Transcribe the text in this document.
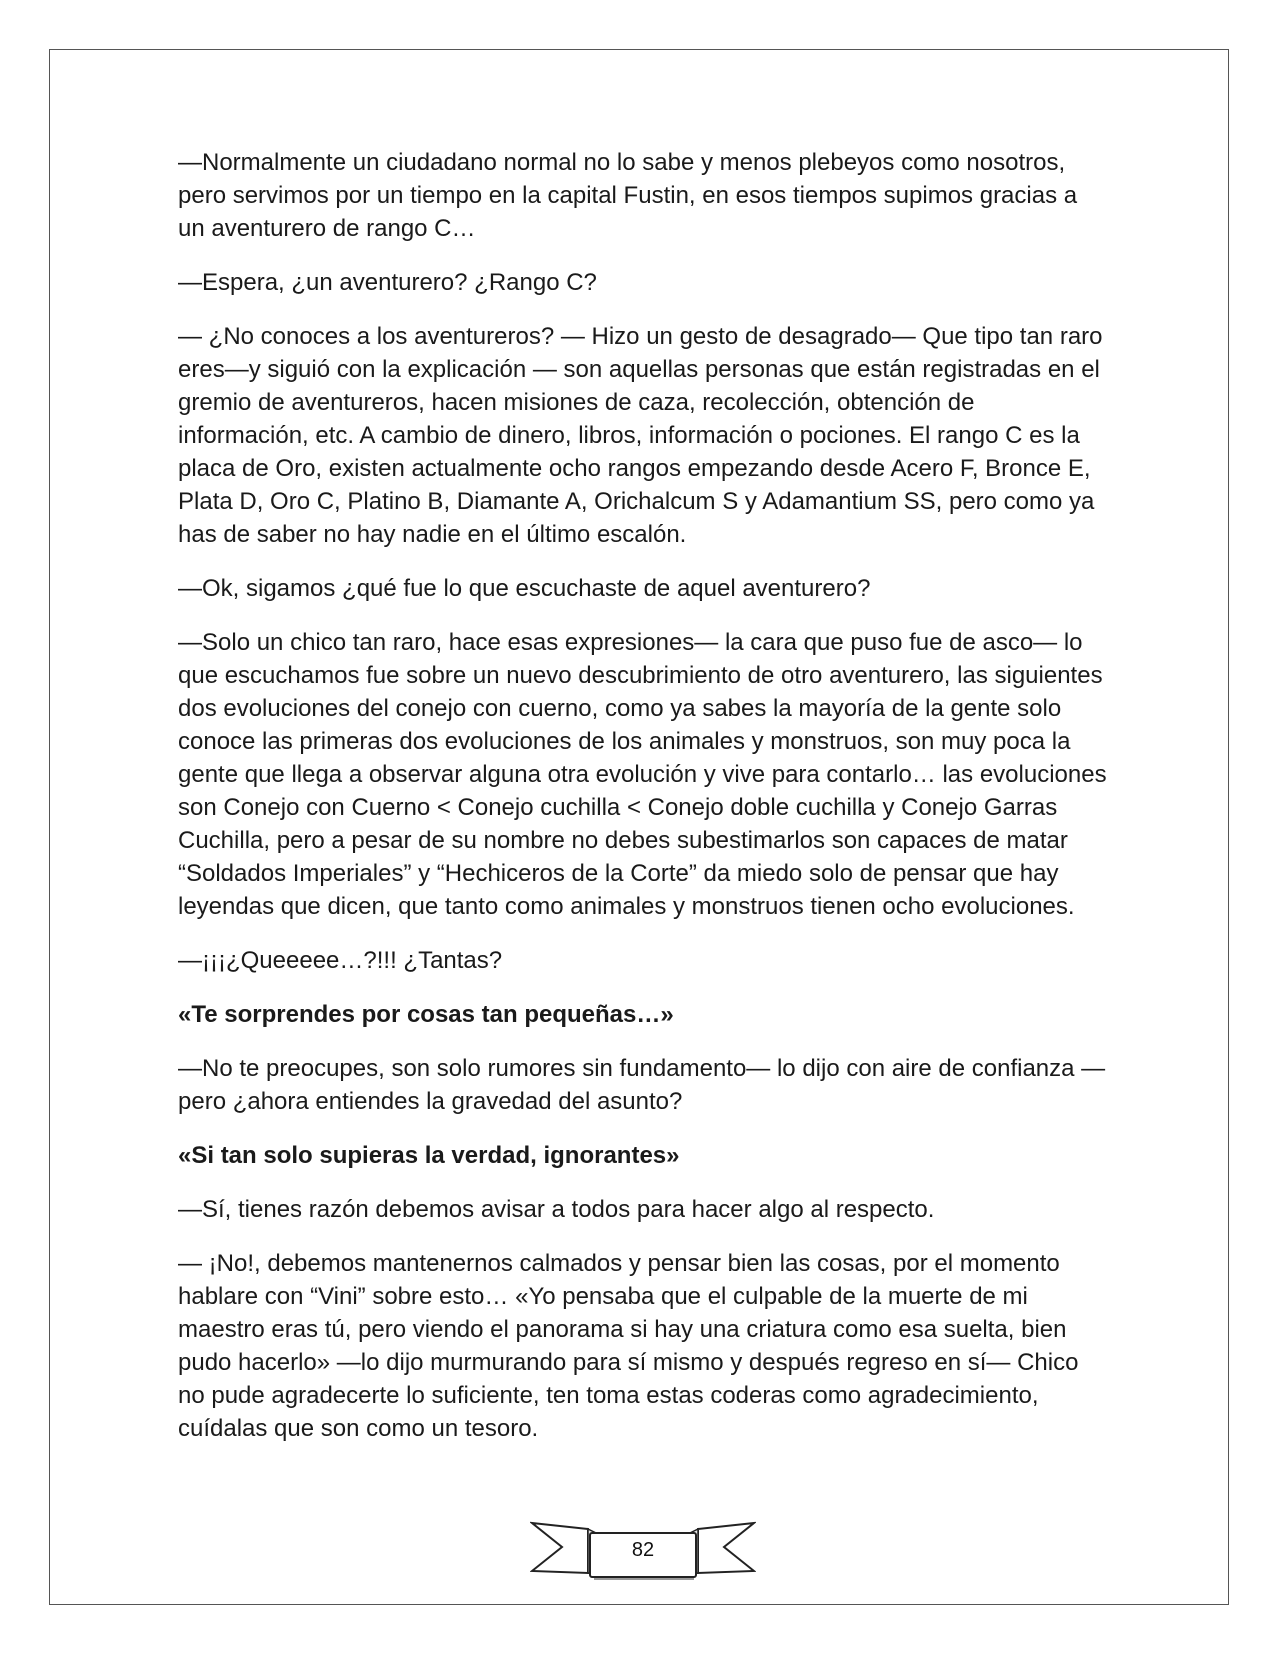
—Normalmente un ciudadano normal no lo sabe y menos plebeyos como nosotros, pero servimos por un tiempo en la capital Fustin, en esos tiempos supimos gracias a un aventurero de rango C…

—Espera, ¿un aventurero? ¿Rango C?

— ¿No conoces a los aventureros? — Hizo un gesto de desagrado— Que tipo tan raro eres—y siguió con la explicación — son aquellas personas que están registradas en el gremio de aventureros, hacen misiones de caza, recolección, obtención de información, etc. A cambio de dinero, libros, información o pociones. El rango C es la placa de Oro, existen actualmente ocho rangos empezando desde Acero F, Bronce E, Plata D, Oro C, Platino B, Diamante A, Orichalcum S y Adamantium SS, pero como ya has de saber no hay nadie en el último escalón.

—Ok, sigamos ¿qué fue lo que escuchaste de aquel aventurero?

—Solo un chico tan raro, hace esas expresiones— la cara que puso fue de asco— lo que escuchamos fue sobre un nuevo descubrimiento de otro aventurero, las siguientes dos evoluciones del conejo con cuerno, como ya sabes la mayoría de la gente solo conoce las primeras dos evoluciones de los animales y monstruos, son muy poca la gente que llega a observar alguna otra evolución y vive para contarlo… las evoluciones son Conejo con Cuerno < Conejo cuchilla < Conejo doble cuchilla y Conejo Garras Cuchilla, pero a pesar de su nombre no debes subestimarlos son capaces de matar “Soldados Imperiales” y “Hechiceros de la Corte” da miedo solo de pensar que hay leyendas que dicen, que tanto como animales y monstruos tienen ocho evoluciones.

—¡¡¡¿Queeeee…?!!! ¿Tantas?

«Te sorprendes por cosas tan pequeñas…»

—No te preocupes, son solo rumores sin fundamento— lo dijo con aire de confianza — pero ¿ahora entiendes la gravedad del asunto?

«Si tan solo supieras la verdad, ignorantes»

—Sí, tienes razón debemos avisar a todos para hacer algo al respecto.

— ¡No!, debemos mantenernos calmados y pensar bien las cosas, por el momento hablare con “Vini” sobre esto… «Yo pensaba que el culpable de la muerte de mi maestro eras tú, pero viendo el panorama si hay una criatura como esa suelta, bien pudo hacerlo» —lo dijo murmurando para sí mismo y después regreso en sí— Chico no pude agradecerte lo suficiente, ten toma estas coderas como agradecimiento, cuídalas que son como un tesoro.

82
